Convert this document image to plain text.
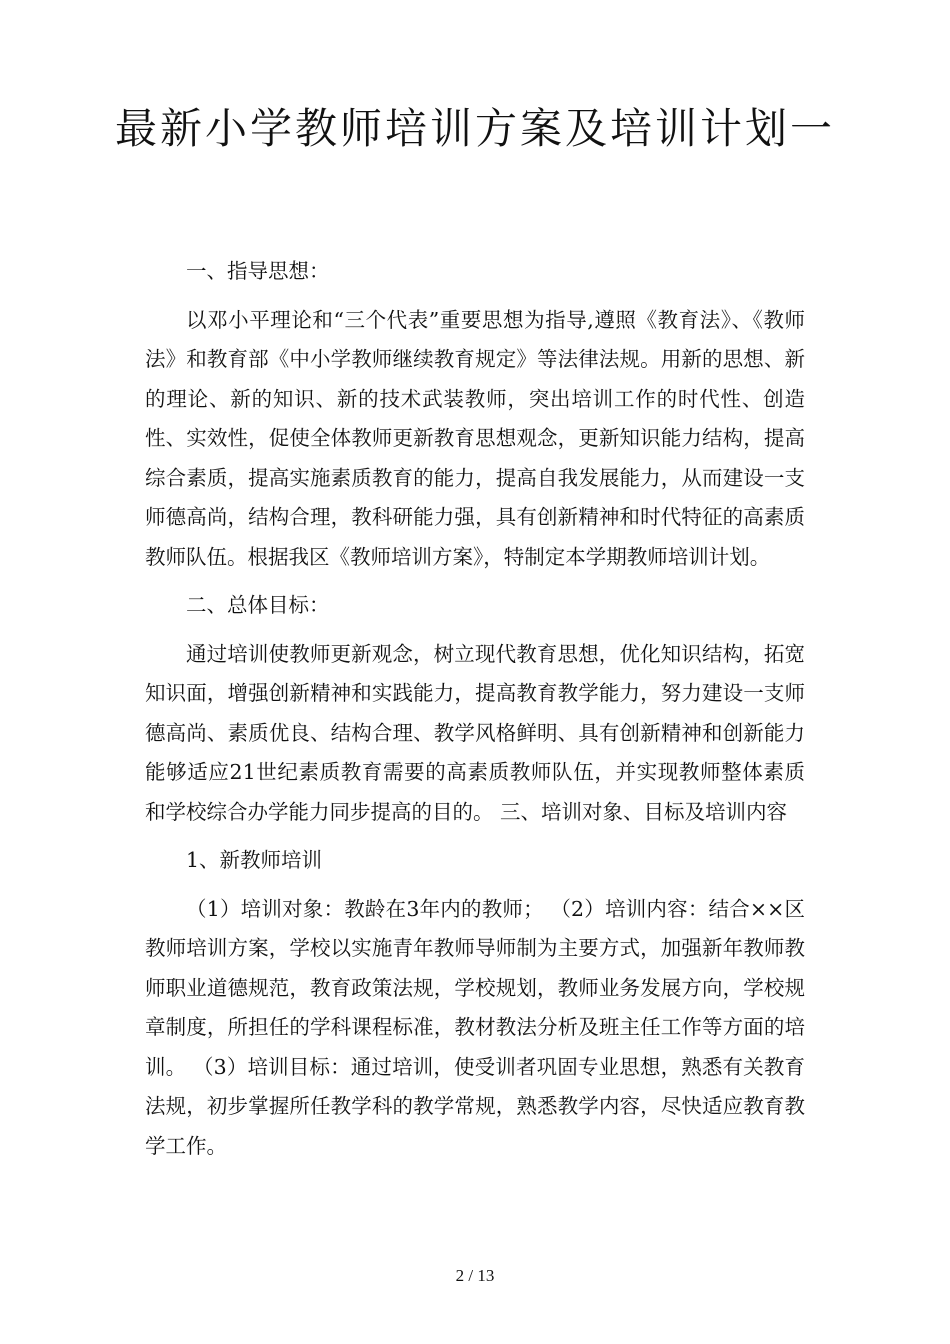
最新小学教师培训方案及培训计划一

一、指导思想：

以邓小平理论和“三个代表”重要思想为指导,遵照《教育法》、《教师法》和教育部《中小学教师继续教育规定》等法律法规。用新的思想、新的理论、新的知识、新的技术武装教师，突出培训工作的时代性、创造性、实效性，促使全体教师更新教育思想观念，更新知识能力结构，提高综合素质，提高实施素质教育的能力，提高自我发展能力，从而建设一支师德高尚，结构合理，教科研能力强，具有创新精神和时代特征的高素质教师队伍。根据我区《教师培训方案》，特制定本学期教师培训计划。

二、总体目标：

通过培训使教师更新观念，树立现代教育思想，优化知识结构，拓宽知识面，增强创新精神和实践能力，提高教育教学能力，努力建设一支师德高尚、素质优良、结构合理、教学风格鲜明、具有创新精神和创新能力能够适应21世纪素质教育需要的高素质教师队伍，并实现教师整体素质和学校综合办学能力同步提高的目的。 三、培训对象、目标及培训内容

1、新教师培训

（1）培训对象：教龄在3年内的教师； （2）培训内容：结合××区教师培训方案，学校以实施青年教师导师制为主要方式，加强新年教师教师职业道德规范，教育政策法规，学校规划，教师业务发展方向，学校规章制度，所担任的学科课程标准，教材教法分析及班主任工作等方面的培训。 （3）培训目标：通过培训，使受训者巩固专业思想，熟悉有关教育法规，初步掌握所任教学科的教学常规，熟悉教学内容，尽快适应教育教学工作。

2 / 13
